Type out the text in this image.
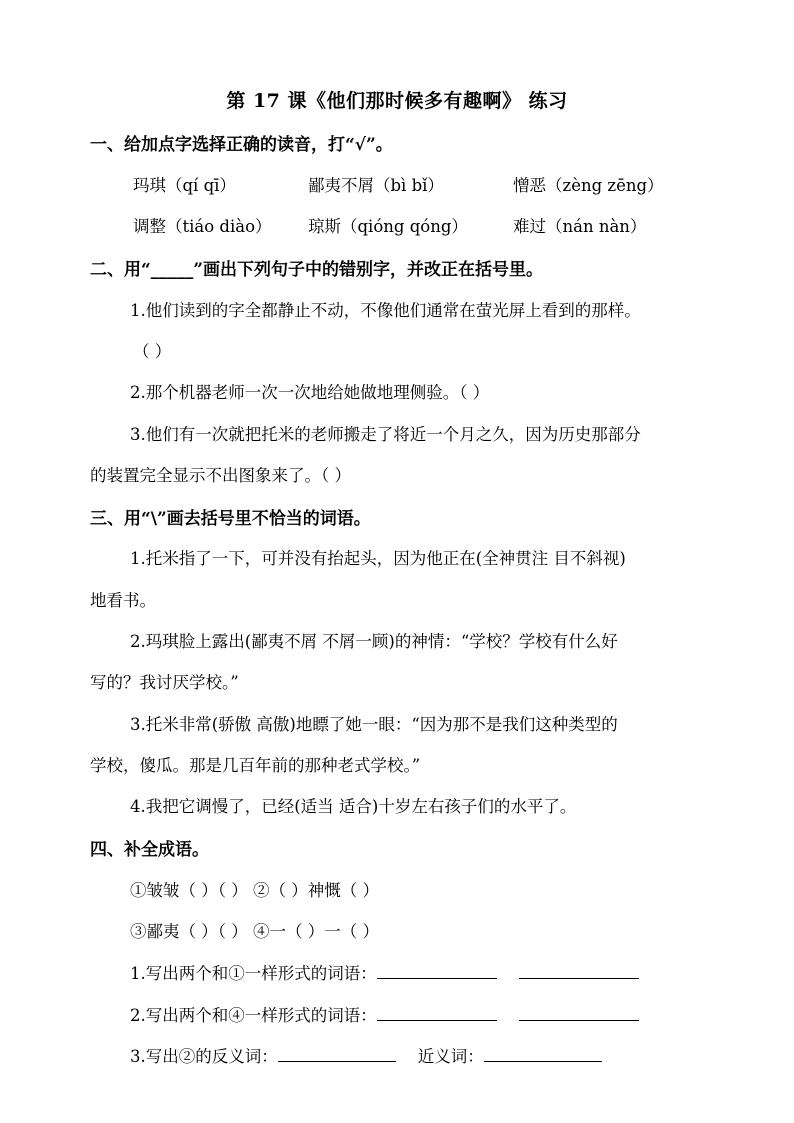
第 17 课《他们那时候多有趣啊》 练习
一、给加点字选择正确的读音，打“√”。
玛琪（qí qī）	鄙夷不屑（bì bǐ）	憎恶（zèng zēng）
调整（tiáo diào） 琼斯（qióng qóng）	难过（nán nàn）
二、用“_____”画出下列句子中的错别字，并改正在括号里。
1.他们读到的字全都静止不动，不像他们通常在萤光屏上看到的那样。
（ ）
2.那个机器老师一次一次地给她做地理侧验。（ ）
3.他们有一次就把托米的老师搬走了将近一个月之久，因为历史那部分
的装置完全显示不出图象来了。（ ）
三、用“\”画去括号里不恰当的词语。
1.托米指了一下，可并没有抬起头，因为他正在(全神贯注 目不斜视)
地看书。
2.玛琪脸上露出(鄙夷不屑 不屑一顾)的神情：“学校？学校有什么好
写的？我讨厌学校。”
3.托米非常(骄傲 高傲)地瞟了她一眼：“因为那不是我们这种类型的
学校，傻瓜。那是几百年前的那种老式学校。”
4.我把它调慢了，已经(适当 适合)十岁左右孩子们的水平了。
四、补全成语。
①皱皱（ ）（ ） ②（ ）神慨（ ）
③鄙夷（ ）（ ） ④一（ ）一（ ）
1.写出两个和①一样形式的词语：
2.写出两个和④一样形式的词语：
3.写出②的反义词：	近义词：
